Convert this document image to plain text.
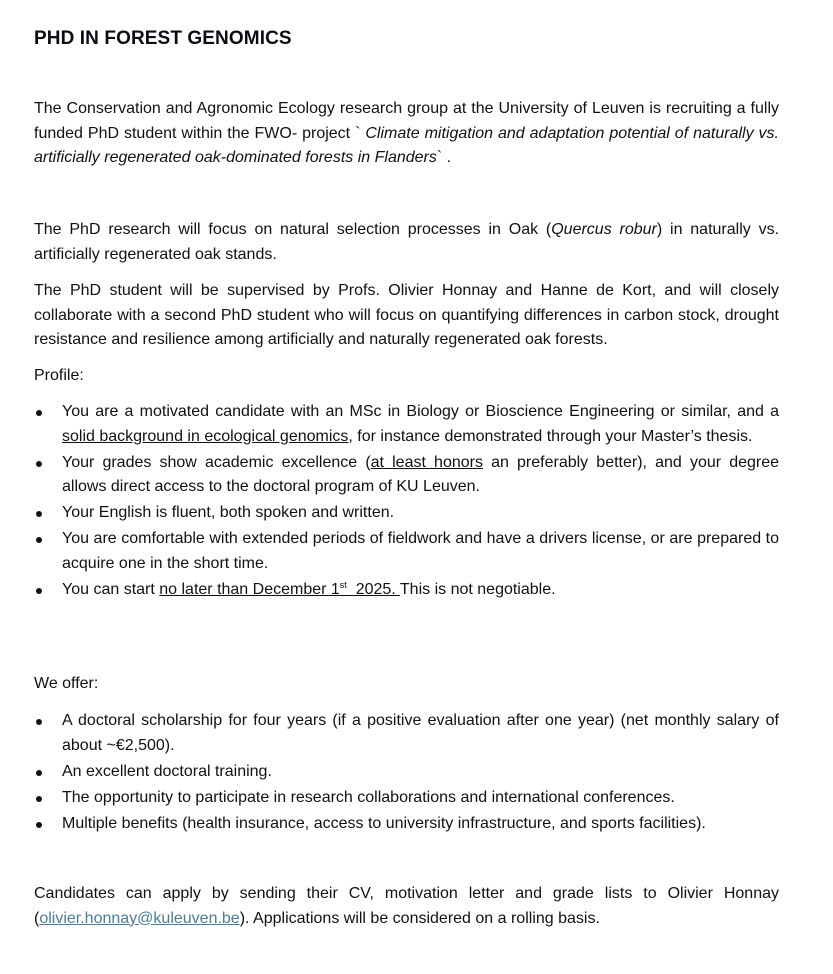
PHD IN FOREST GENOMICS

The Conservation and Agronomic Ecology research group at the University of Leuven is recruiting a fully funded PhD student within the FWO- project ` Climate mitigation and adaptation potential of naturally vs. artificially regenerated oak-dominated forests in Flanders` .

The PhD research will focus on natural selection processes in Oak (Quercus robur) in naturally vs. artificially regenerated oak stands.

The PhD student will be supervised by Profs. Olivier Honnay and Hanne de Kort, and will closely collaborate with a second PhD student who will focus on quantifying differences in carbon stock, drought resistance and resilience among artificially and naturally regenerated oak forests.

Profile:

You are a motivated candidate with an MSc in Biology or Bioscience Engineering or similar, and a solid background in ecological genomics, for instance demonstrated through your Master’s thesis.
Your grades show academic excellence (at least honors an preferably better), and your degree allows direct access to the doctoral program of KU Leuven.
Your English is fluent, both spoken and written.
You are comfortable with extended periods of fieldwork and have a drivers license, or are prepared to acquire one in the short time.
You can start no later than December 1st  2025. This is not negotiable.

We offer:

A doctoral scholarship for four years (if a positive evaluation after one year) (net monthly salary of about ~€2,500).
An excellent doctoral training.
The opportunity to participate in research collaborations and international conferences.
Multiple benefits (health insurance, access to university infrastructure, and sports facilities).

Candidates can apply by sending their CV, motivation letter and grade lists to Olivier Honnay (olivier.honnay@kuleuven.be). Applications will be considered on a rolling basis.
